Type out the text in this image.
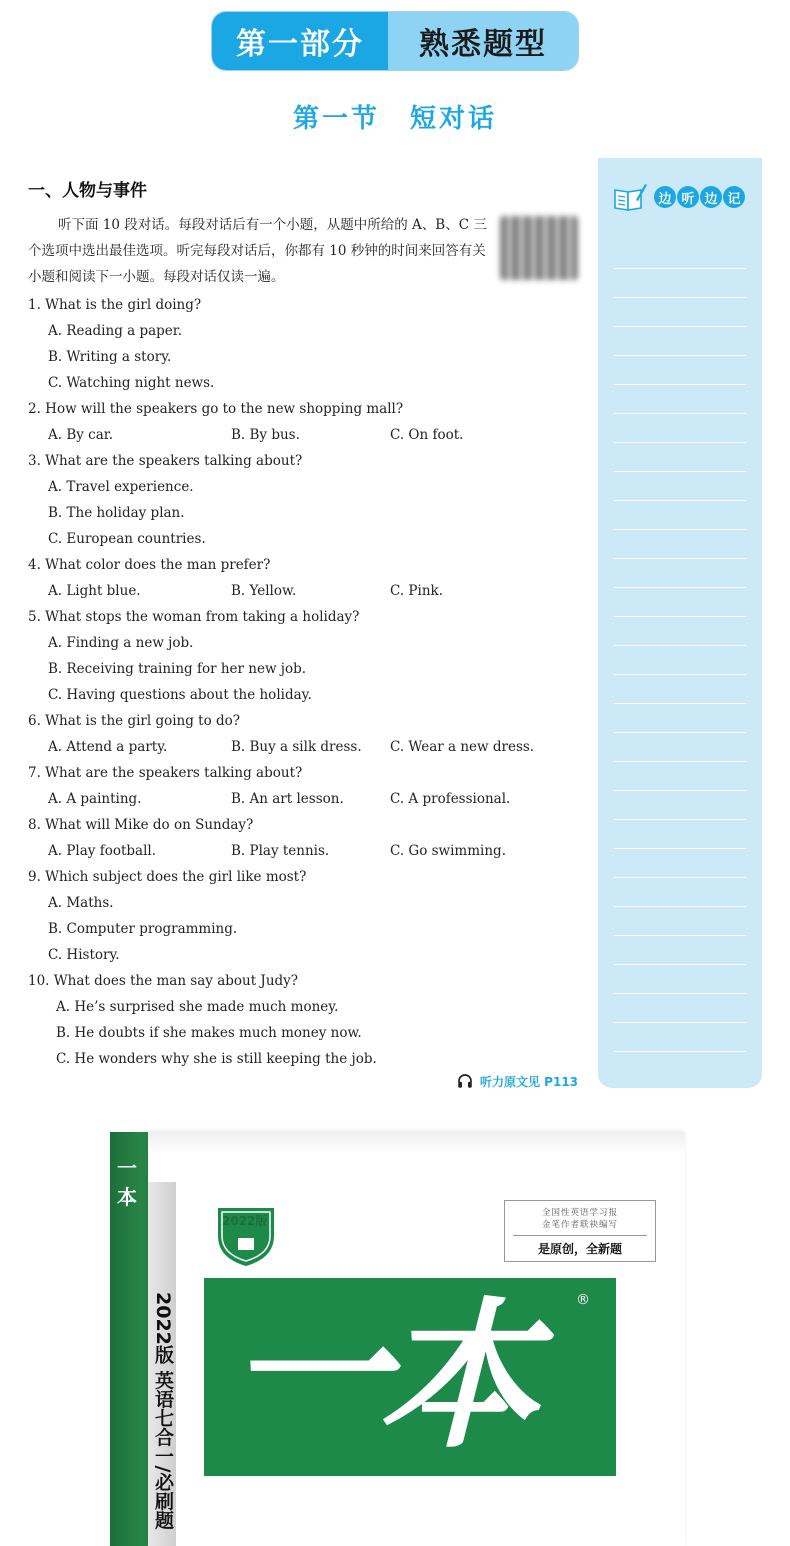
第一部分	熟悉题型
第一节 短对话
一、人物与事件
听下面 10 段对话。每段对话后有一个小题，从题中所给的 A、B、C 三个选项中选出最佳选项。听完每段对话后，你都有 10 秒钟的时间来回答有关小题和阅读下一小题。每段对话仅读一遍。
1. What is the girl doing?
A. Reading a paper.
B. Writing a story.
C. Watching night news.
2. How will the speakers go to the new shopping mall?
A. By car.	B. By bus.	C. On foot.
3. What are the speakers talking about?
A. Travel experience.
B. The holiday plan.
C. European countries.
4. What color does the man prefer?
A. Light blue.	B. Yellow.	C. Pink.
5. What stops the woman from taking a holiday?
A. Finding a new job.
B. Receiving training for her new job.
C. Having questions about the holiday.
6. What is the girl going to do?
A. Attend a party.	B. Buy a silk dress. C. Wear a new dress.
7. What are the speakers talking about?
A. A painting.	B. An art lesson.	C. A professional.
8. What will Mike do on Sunday?
A. Play football.	B. Play tennis.	C. Go swimming.
9. Which subject does the girl like most?
A. Maths.
B. Computer programming.
C. History.
10. What does the man say about Judy?
A. He’s surprised she made much money.
B. He doubts if she makes much money now.
C. He wonders why she is still keeping the job.
听力原文见 P113
边 听 边 记
一本
2022版
全国性英语学习报
金笔作者联袂编写
是原创，全新题
一本	®
2022版 英语七合一/必刷题
